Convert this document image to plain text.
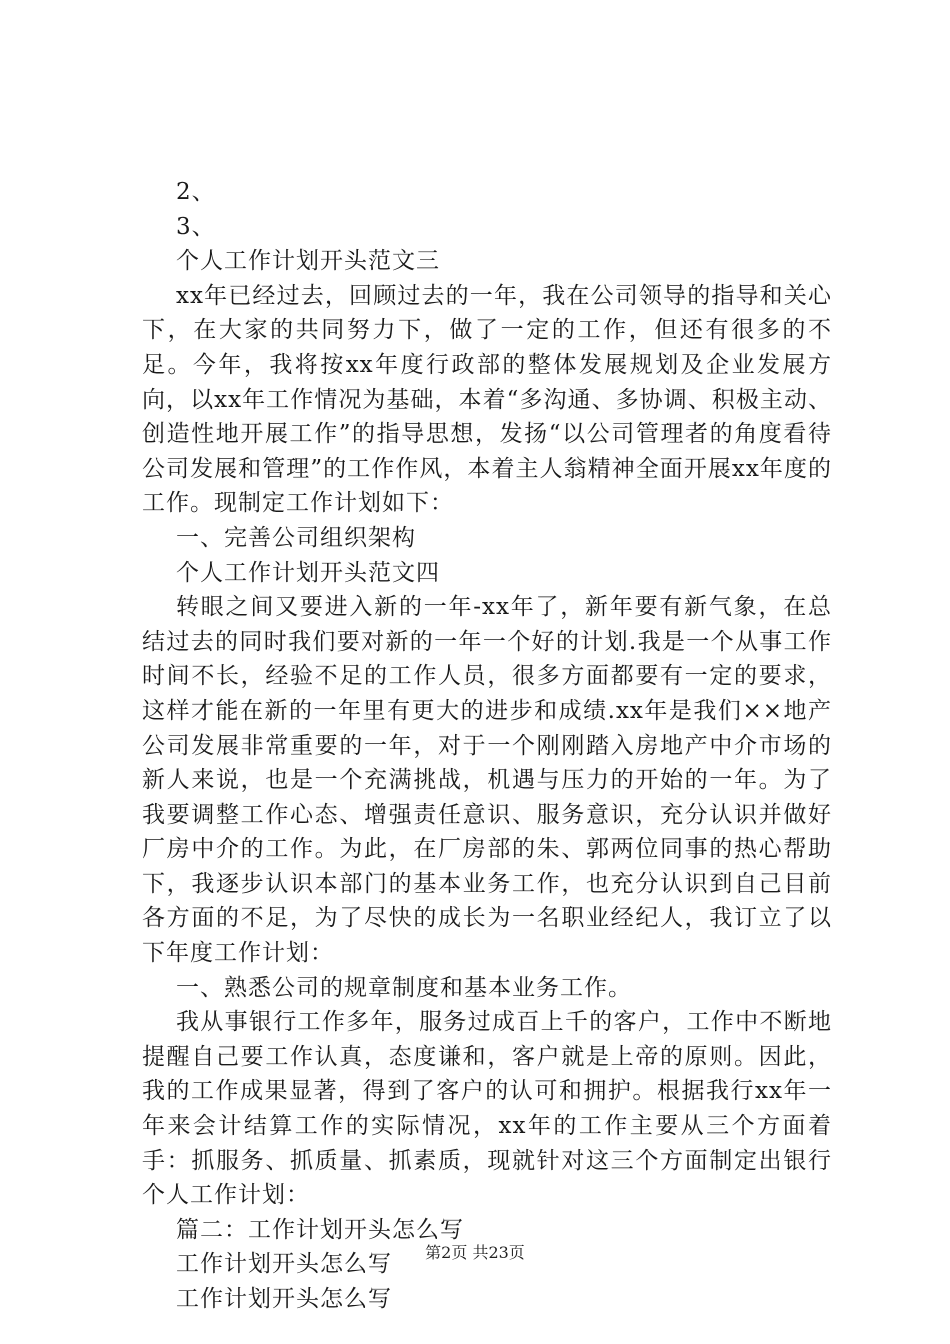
2、

3、

个人工作计划开头范文三

xx年已经过去，回顾过去的一年，我在公司领导的指导和关心下，在大家的共同努力下，做了一定的工作，但还有很多的不足。今年，我将按xx年度行政部的整体发展规划及企业发展方向，以xx年工作情况为基础，本着“多沟通、多协调、积极主动、创造性地开展工作”的指导思想，发扬“以公司管理者的角度看待公司发展和管理”的工作作风，本着主人翁精神全面开展xx年度的工作。现制定工作计划如下：

一、完善公司组织架构

个人工作计划开头范文四

转眼之间又要进入新的一年-xx年了，新年要有新气象，在总结过去的同时我们要对新的一年一个好的计划.我是一个从事工作时间不长，经验不足的工作人员，很多方面都要有一定的要求，这样才能在新的一年里有更大的进步和成绩.xx年是我们××地产公司发展非常重要的一年，对于一个刚刚踏入房地产中介市场的新人来说，也是一个充满挑战，机遇与压力的开始的一年。为了我要调整工作心态、增强责任意识、服务意识，充分认识并做好厂房中介的工作。为此，在厂房部的朱、郭两位同事的热心帮助下，我逐步认识本部门的基本业务工作，也充分认识到自己目前各方面的不足，为了尽快的成长为一名职业经纪人，我订立了以下年度工作计划：

一、熟悉公司的规章制度和基本业务工作。

我从事银行工作多年，服务过成百上千的客户，工作中不断地提醒自己要工作认真，态度谦和，客户就是上帝的原则。因此，我的工作成果显著，得到了客户的认可和拥护。根据我行xx年一年来会计结算工作的实际情况，xx年的工作主要从三个方面着手：抓服务、抓质量、抓素质，现就针对这三个方面制定出银行个人工作计划：

篇二：工作计划开头怎么写

工作计划开头怎么写

工作计划开头怎么写

第2页 共23页
